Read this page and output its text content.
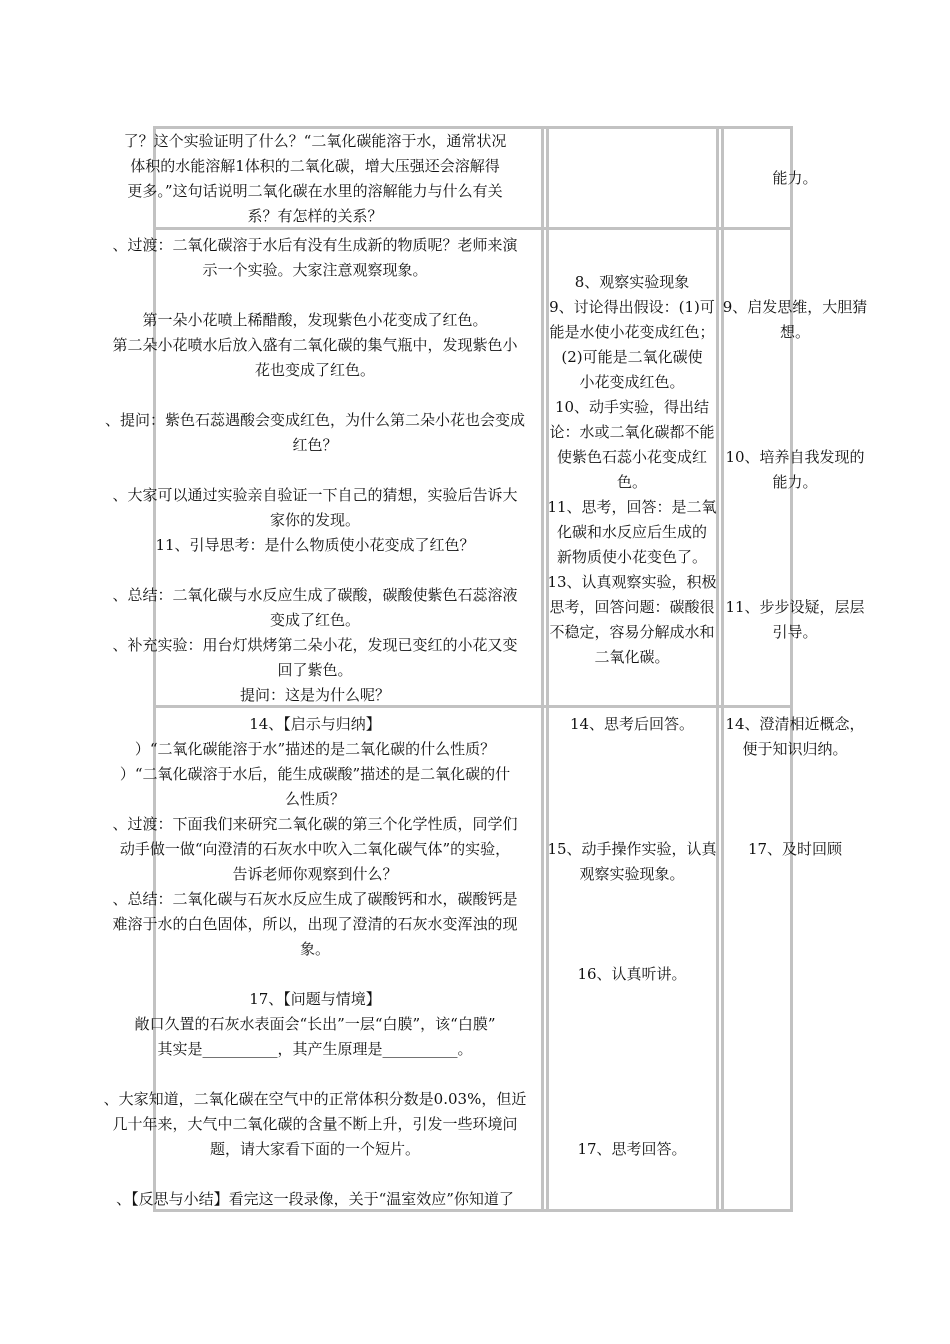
了？这个实验证明了什么？“二氧化碳能溶于水，通常状况

体积的水能溶解1体积的二氧化碳，增大压强还会溶解得

更多。”这句话说明二氧化碳在水里的溶解能力与什么有关

系？有怎样的关系？

能力。

、过渡：二氧化碳溶于水后有没有生成新的物质呢？老师来演

示一个实验。大家注意观察现象。

第一朵小花喷上稀醋酸，发现紫色小花变成了红色。

第二朵小花喷水后放入盛有二氧化碳的集气瓶中，发现紫色小

花也变成了红色。

、提问：紫色石蕊遇酸会变成红色，为什么第二朵小花也会变成

红色？

、大家可以通过实验亲自验证一下自己的猜想，实验后告诉大

家你的发现。

11、引导思考：是什么物质使小花变成了红色？

、总结：二氧化碳与水反应生成了碳酸，碳酸使紫色石蕊溶液

变成了红色。

、补充实验：用台灯烘烤第二朵小花，发现已变红的小花又变

回了紫色。

提问：这是为什么呢？

8、观察实验现象

9、讨论得出假设：(1)可

能是水使小花变成红色；

(2)可能是二氧化碳使

小花变成红色。

10、动手实验，得出结

论：水或二氧化碳都不能

使紫色石蕊小花变成红

色。

11、思考，回答：是二氧

化碳和水反应后生成的

新物质使小花变色了。

13、认真观察实验，积极

思考，回答问题：碳酸很

不稳定，容易分解成水和

二氧化碳。

9、启发思维，大胆猜

想。

10、培养自我发现的

能力。

11、步步设疑，层层

引导。

14、【启示与归纳】

）“二氧化碳能溶于水”描述的是二氧化碳的什么性质？

）“二氧化碳溶于水后，能生成碳酸”描述的是二氧化碳的什

么性质？

、过渡：下面我们来研究二氧化碳的第三个化学性质，同学们

动手做一做“向澄清的石灰水中吹入二氧化碳气体”的实验，

告诉老师你观察到什么？

、总结：二氧化碳与石灰水反应生成了碳酸钙和水，碳酸钙是

难溶于水的白色固体，所以，出现了澄清的石灰水变浑浊的现

象。

17、【问题与情境】

敞口久置的石灰水表面会“长出”一层“白膜”，该“白膜”

其实是__________，其产生原理是__________。

、大家知道，二氧化碳在空气中的正常体积分数是0.03%，但近

几十年来，大气中二氧化碳的含量不断上升，引发一些环境问

题，请大家看下面的一个短片。

、【反思与小结】看完这一段录像，关于“温室效应”你知道了

14、思考后回答。

15、动手操作实验，认真

观察实验现象。

16、认真听讲。

17、思考回答。

14、澄清相近概念，

便于知识归纳。

17、及时回顾
